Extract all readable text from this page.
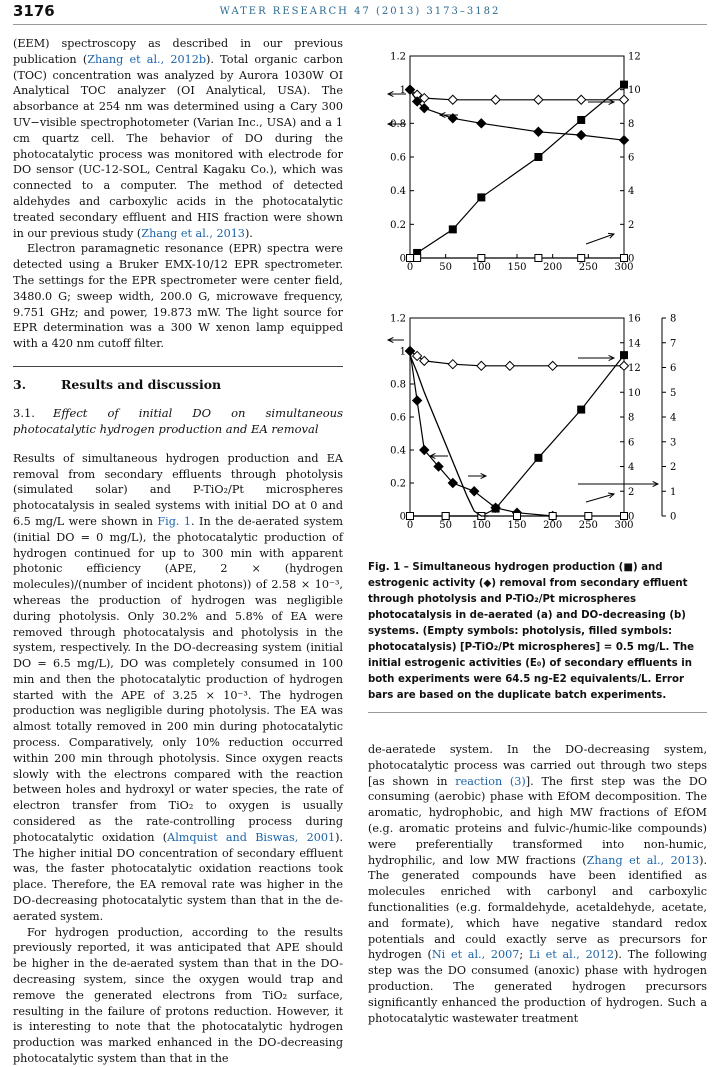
3176	WATER RESEARCH 47 (2013) 3173–3182

(EEM) spectroscopy as described in our previous publication (Zhang et al., 2012b). Total organic carbon (TOC) concentration was analyzed by Aurora 1030W OI Analytical TOC analyzer (OI Analytical, USA). The absorbance at 254 nm was determined using a Cary 300 UV−visible spectrophotometer (Varian Inc., USA) and a 1 cm quartz cell. The behavior of DO during the photocatalytic process was monitored with electrode for DO sensor (UC-12-SOL, Central Kagaku Co.), which was connected to a computer. The method of detected aldehydes and carboxylic acids in the photocatalytic treated secondary effluent and HIS fraction were shown in our previous study (Zhang et al., 2013).

Electron paramagnetic resonance (EPR) spectra were detected using a Bruker EMX-10/12 EPR spectrometer. The settings for the EPR spectrometer were center field, 3480.0 G; sweep width, 200.0 G, microwave frequency, 9.751 GHz; and power, 19.873 mW. The light source for EPR determination was a 300 W xenon lamp equipped with a 420 nm cutoff filter.

3.	Results and discussion
3.1. Effect of initial DO on simultaneous photocatalytic hydrogen production and EA removal

Results of simultaneous hydrogen production and EA removal from secondary effluents through photolysis (simulated solar) and P-TiO₂/Pt microspheres photocatalysis in sealed systems with initial DO at 0 and 6.5 mg/L were shown in Fig. 1. In the de-aerated system (initial DO = 0 mg/L), the photocatalytic production of hydrogen continued for up to 300 min with apparent photonic efficiency (APE, 2 × (hydrogen molecules)/(number of incident photons)) of 2.58 × 10⁻³, whereas the production of hydrogen was negligible during photolysis. Only 30.2% and 5.8% of EA were removed through photocatalysis and photolysis in the system, respectively. In the DO-decreasing system (initial DO = 6.5 mg/L), DO was completely consumed in 100 min and then the photocatalytic production of hydrogen started with the APE of 3.25 × 10⁻³. The hydrogen production was negligible during photolysis. The EA was almost totally removed in 200 min during photocatalytic process. Comparatively, only 10% reduction occurred within 200 min through photolysis. Since oxygen reacts slowly with the electrons compared with the reaction between holes and hydroxyl or water species, the rate of electron transfer from TiO₂ to oxygen is usually considered as the rate-controlling process during photocatalytic oxidation (Almquist and Biswas, 2001). The higher initial DO concentration of secondary effluent was, the faster photocatalytic oxidation reactions took place. Therefore, the EA removal rate was higher in the DO-decreasing photocatalytic system than that in the de-aerated system.

For hydrogen production, according to the results previously reported, it was anticipated that APE should be higher in the de-aerated system than that in the DO-decreasing system, since the oxygen would trap and remove the generated electrons from TiO₂ surface, resulting in the failure of protons reduction. However, it is interesting to note that the photocatalytic hydrogen production was marked enhanced in the DO-decreasing photocatalytic system than that in the

de-aeratede system. In the DO-decreasing system, photocatalytic process was carried out through two steps [as shown in reaction (3)]. The first step was the DO consuming (aerobic) phase with EfOM decomposition. The aromatic, hydrophobic, and high MW fractions of EfOM (e.g. aromatic proteins and fulvic-/humic-like compounds) were preferentially transformed into non-humic, hydrophilic, and low MW fractions (Zhang et al., 2013). The generated compounds have been identified as molecules enriched with carbonyl and carboxylic functionalities (e.g. formaldehyde, acetaldehyde, acetate, and formate), which have negative standard redox potentials and could exactly serve as precursors for hydrogen (Ni et al., 2007; Li et al., 2012). The following step was the DO consumed (anoxic) phase with hydrogen production. The generated hydrogen precursors significantly enhanced the production of hydrogen. Such a photocatalytic wastewater treatment

0	50 100 150 200 250 300
0
0.2
0.4
0.6
0.8
1
1.2
0
2
4
6
8
10
12
0	50 100 150 200 250 300
0
0.2
0.4
0.6
0.8
1
1.2
0
2
4
6
8
10
12
14
16
0
1
2
3
4
5
6
7
8
Fig. 1 – Simultaneous hydrogen production (■) and estrogenic activity (◆) removal from secondary effluent through photolysis and P-TiO₂/Pt microspheres photocatalysis in de-aerated (a) and DO-decreasing (b) systems. (Empty symbols: photolysis, filled symbols: photocatalysis) [P-TiO₂/Pt microspheres] = 0.5 mg/L. The initial estrogenic activities (E₀) of secondary effluents in both experiments were 64.5 ng-E2 equivalents/L. Error bars are based on the duplicate batch experiments.
